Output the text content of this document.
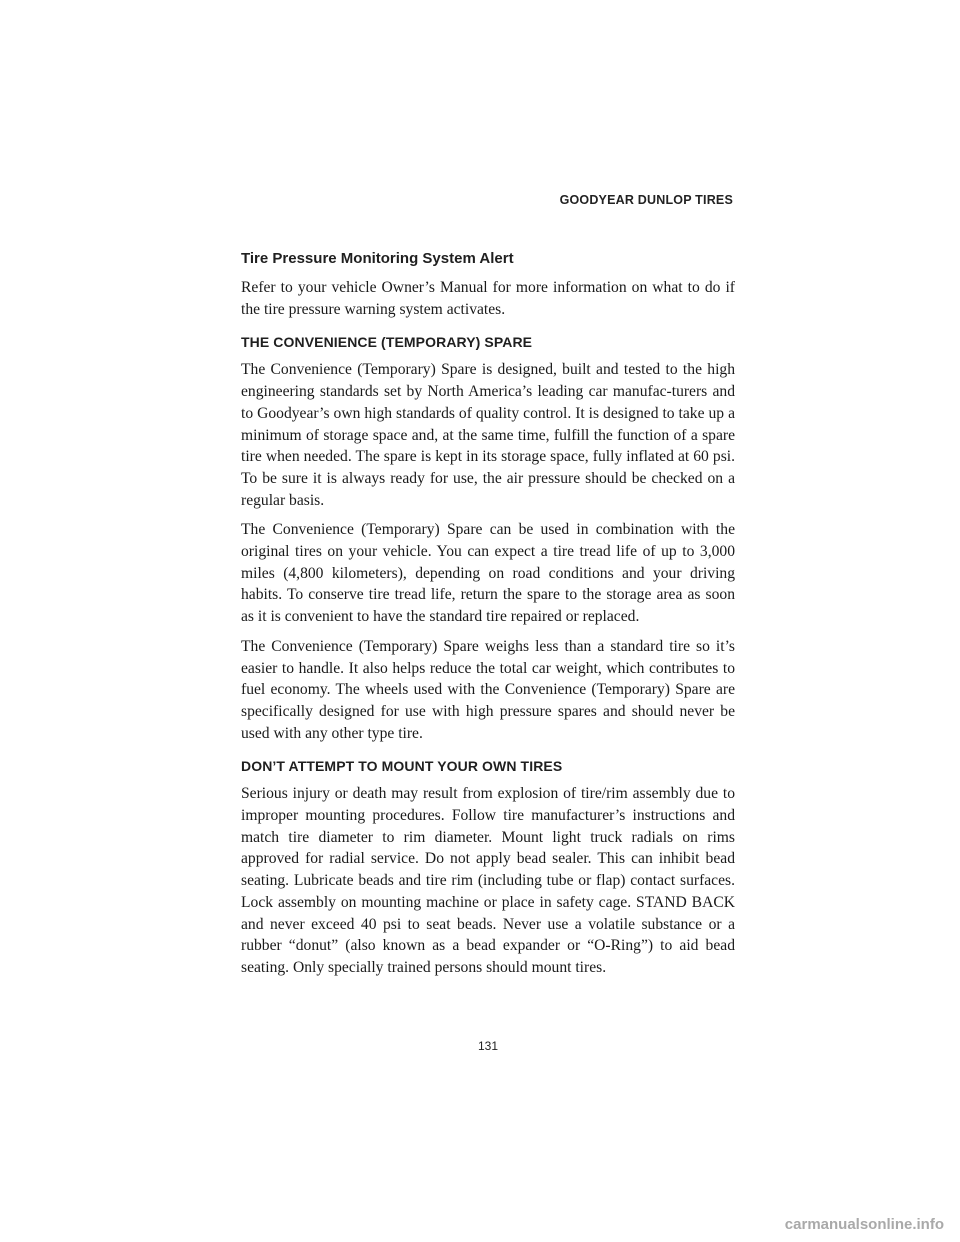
GOODYEAR DUNLOP TIRES
Tire Pressure Monitoring System Alert

Refer to your vehicle Owner’s Manual for more information on what to do if the tire pressure warning system activates.

THE CONVENIENCE (TEMPORARY) SPARE

The Convenience (Temporary) Spare is designed, built and tested to the high engineering standards set by North America’s leading car manufac-turers and to Goodyear’s own high standards of quality control. It is designed to take up a minimum of storage space and, at the same time, fulfill the function of a spare tire when needed. The spare is kept in its storage space, fully inflated at 60 psi. To be sure it is always ready for use, the air pressure should be checked on a regular basis.

The Convenience (Temporary) Spare can be used in combination with the original tires on your vehicle. You can expect a tire tread life of up to 3,000 miles (4,800 kilometers), depending on road conditions and your driving habits. To conserve tire tread life, return the spare to the storage area as soon as it is convenient to have the standard tire repaired or replaced.

The Convenience (Temporary) Spare weighs less than a standard tire so it’s easier to handle. It also helps reduce the total car weight, which contributes to fuel economy. The wheels used with the Convenience (Temporary) Spare are specifically designed for use with high pressure spares and should never be used with any other type tire.

DON’T ATTEMPT TO MOUNT YOUR OWN TIRES

Serious injury or death may result from explosion of tire/rim assembly due to improper mounting procedures. Follow tire manufacturer’s instructions and match tire diameter to rim diameter. Mount light truck radials on rims approved for radial service. Do not apply bead sealer. This can inhibit bead seating. Lubricate beads and tire rim (including tube or flap) contact surfaces. Lock assembly on mounting machine or place in safety cage. STAND BACK and never exceed 40 psi to seat beads. Never use a volatile substance or a rubber “donut” (also known as a bead expander or “O-Ring”) to aid bead seating. Only specially trained persons should mount tires.

131
carmanualsonline.info
